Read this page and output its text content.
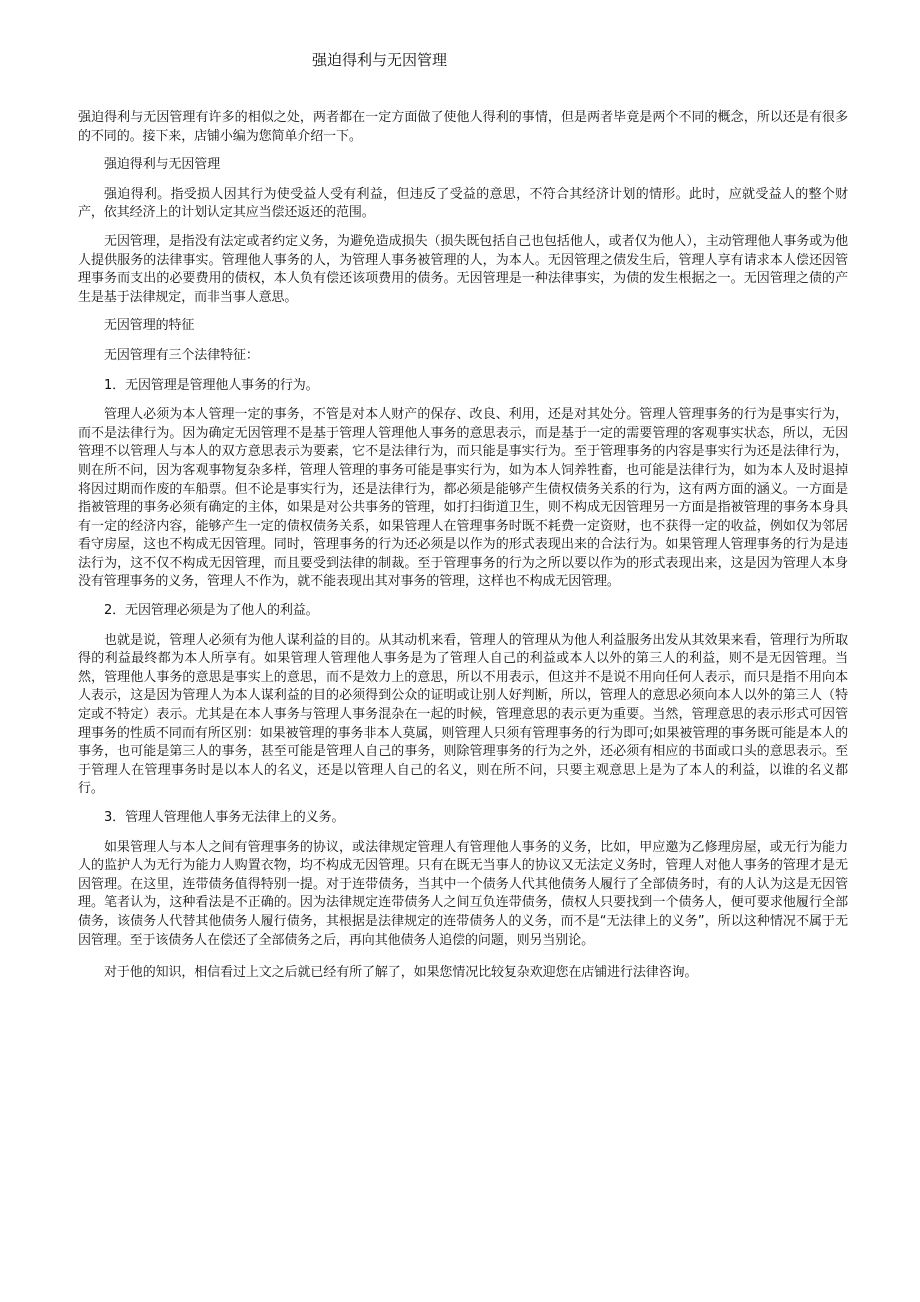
强迫得利与无因管理

强迫得利与无因管理有许多的相似之处，两者都在一定方面做了使他人得利的事情，但是两者毕竟是两个不同的概念，所以还是有很多的不同的。接下来，店铺小编为您简单介绍一下。

强迫得利与无因管理

强迫得利。指受损人因其行为使受益人受有利益，但违反了受益的意思，不符合其经济计划的情形。此时，应就受益人的整个财产，依其经济上的计划认定其应当偿还返还的范围。

无因管理，是指没有法定或者约定义务，为避免造成损失（损失既包括自己也包括他人，或者仅为他人），主动管理他人事务或为他人提供服务的法律事实。管理他人事务的人，为管理人事务被管理的人，为本人。无因管理之债发生后，管理人享有请求本人偿还因管理事务而支出的必要费用的债权，本人负有偿还该项费用的债务。无因管理是一种法律事实，为债的发生根据之一。无因管理之债的产生是基于法律规定，而非当事人意思。

无因管理的特征

无因管理有三个法律特征：

1．无因管理是管理他人事务的行为。

管理人必须为本人管理一定的事务，不管是对本人财产的保存、改良、利用，还是对其处分。管理人管理事务的行为是事实行为，而不是法律行为。因为确定无因管理不是基于管理人管理他人事务的意思表示，而是基于一定的需要管理的客观事实状态，所以，无因管理不以管理人与本人的双方意思表示为要素，它不是法律行为，而只能是事实行为。至于管理事务的内容是事实行为还是法律行为，则在所不问，因为客观事物复杂多样，管理人管理的事务可能是事实行为，如为本人饲养牲畜，也可能是法律行为，如为本人及时退掉将因过期而作废的车船票。但不论是事实行为，还是法律行为，都必须是能够产生债权债务关系的行为，这有两方面的涵义。一方面是指被管理的事务必须有确定的主体，如果是对公共事务的管理，如打扫街道卫生，则不构成无因管理另一方面是指被管理的事务本身具有一定的经济内容，能够产生一定的债权债务关系，如果管理人在管理事务时既不耗费一定资财，也不获得一定的收益，例如仅为邻居看守房屋，这也不构成无因管理。同时，管理事务的行为还必须是以作为的形式表现出来的合法行为。如果管理人管理事务的行为是违法行为，这不仅不构成无因管理，而且要受到法律的制裁。至于管理事务的行为之所以要以作为的形式表现出来，这是因为管理人本身没有管理事务的义务，管理人不作为，就不能表现出其对事务的管理，这样也不构成无因管理。

2．无因管理必须是为了他人的利益。

也就是说，管理人必须有为他人谋利益的目的。从其动机来看，管理人的管理从为他人利益服务出发从其效果来看，管理行为所取得的利益最终都为本人所享有。如果管理人管理他人事务是为了管理人自己的利益或本人以外的第三人的利益，则不是无因管理。当然，管理他人事务的意思是事实上的意思，而不是效力上的意思，所以不用表示，但这并不是说不用向任何人表示，而只是指不用向本人表示，这是因为管理人为本人谋利益的目的必须得到公众的证明或让别人好判断，所以，管理人的意思必须向本人以外的第三人（特定或不特定）表示。尤其是在本人事务与管理人事务混杂在一起的时候，管理意思的表示更为重要。当然，管理意思的表示形式可因管理事务的性质不同而有所区别：如果被管理的事务非本人莫属，则管理人只须有管理事务的行为即可;如果被管理的事务既可能是本人的事务，也可能是第三人的事务，甚至可能是管理人自己的事务，则除管理事务的行为之外，还必须有相应的书面或口头的意思表示。至于管理人在管理事务时是以本人的名义，还是以管理人自己的名义，则在所不问，只要主观意思上是为了本人的利益，以谁的名义都行。

3．管理人管理他人事务无法律上的义务。

如果管理人与本人之间有管理事务的协议，或法律规定管理人有管理他人事务的义务，比如，甲应邀为乙修理房屋，或无行为能力人的监护人为无行为能力人购置衣物，均不构成无因管理。只有在既无当事人的协议又无法定义务时，管理人对他人事务的管理才是无因管理。在这里，连带债务值得特别一提。对于连带债务，当其中一个债务人代其他债务人履行了全部债务时，有的人认为这是无因管理。笔者认为，这种看法是不正确的。因为法律规定连带债务人之间互负连带债务，债权人只要找到一个债务人，便可要求他履行全部债务，该债务人代替其他债务人履行债务，其根据是法律规定的连带债务人的义务，而不是“无法律上的义务”，所以这种情况不属于无因管理。至于该债务人在偿还了全部债务之后，再向其他债务人追偿的问题，则另当别论。

对于他的知识，相信看过上文之后就已经有所了解了，如果您情况比较复杂欢迎您在店铺进行法律咨询。
